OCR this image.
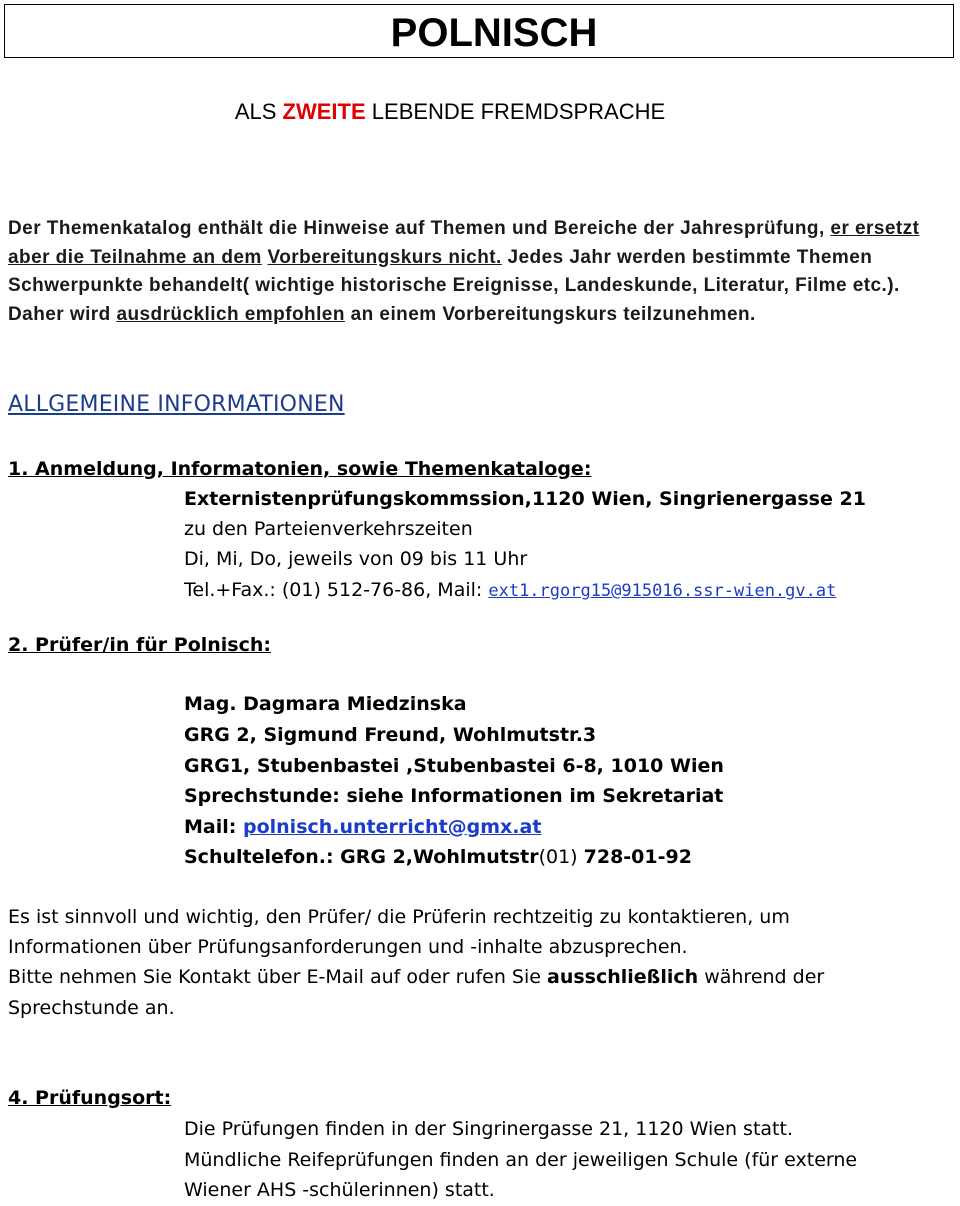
POLNISCH
ALS ZWEITE LEBENDE FREMDSPRACHE
Der Themenkatalog enthält die Hinweise auf Themen und Bereiche der Jahresprüfung, er ersetzt aber die Teilnahme an dem Vorbereitungskurs nicht. Jedes Jahr werden bestimmte Themen Schwerpunkte behandelt( wichtige historische Ereignisse, Landeskunde, Literatur, Filme etc.). Daher wird ausdrücklich empfohlen an einem Vorbereitungskurs teilzunehmen.
ALLGEMEINE INFORMATIONEN
1. Anmeldung, Informatonien, sowie Themenkataloge:
Externistenprüfungskommssion,1120 Wien, Singrienergasse 21
zu den Parteienverkehrszeiten
Di, Mi, Do, jeweils von 09 bis 11 Uhr
Tel.+Fax.: (01) 512-76-86, Mail: ext1.rgorg15@915016.ssr-wien.gv.at
2. Prüfer/in für Polnisch:
Mag. Dagmara Miedzinska
GRG 2, Sigmund Freund, Wohlmutstr.3
GRG1, Stubenbastei ,Stubenbastei 6-8, 1010 Wien
Sprechstunde: siehe Informationen im Sekretariat
Mail: polnisch.unterricht@gmx.at
Schultelefon.: GRG 2,Wohlmutstr(01) 728-01-92
Es ist sinnvoll und wichtig, den Prüfer/ die Prüferin rechtzeitig zu kontaktieren, um
Informationen über Prüfungsanforderungen und -inhalte abzusprechen.
Bitte nehmen Sie Kontakt über E-Mail auf oder rufen Sie ausschließlich während der
Sprechstunde an.
4. Prüfungsort:
Die Prüfungen finden in der Singrinergasse 21, 1120 Wien statt.
Mündliche Reifeprüfungen finden an der jeweiligen Schule (für externe
Wiener AHS -schülerinnen) statt.
